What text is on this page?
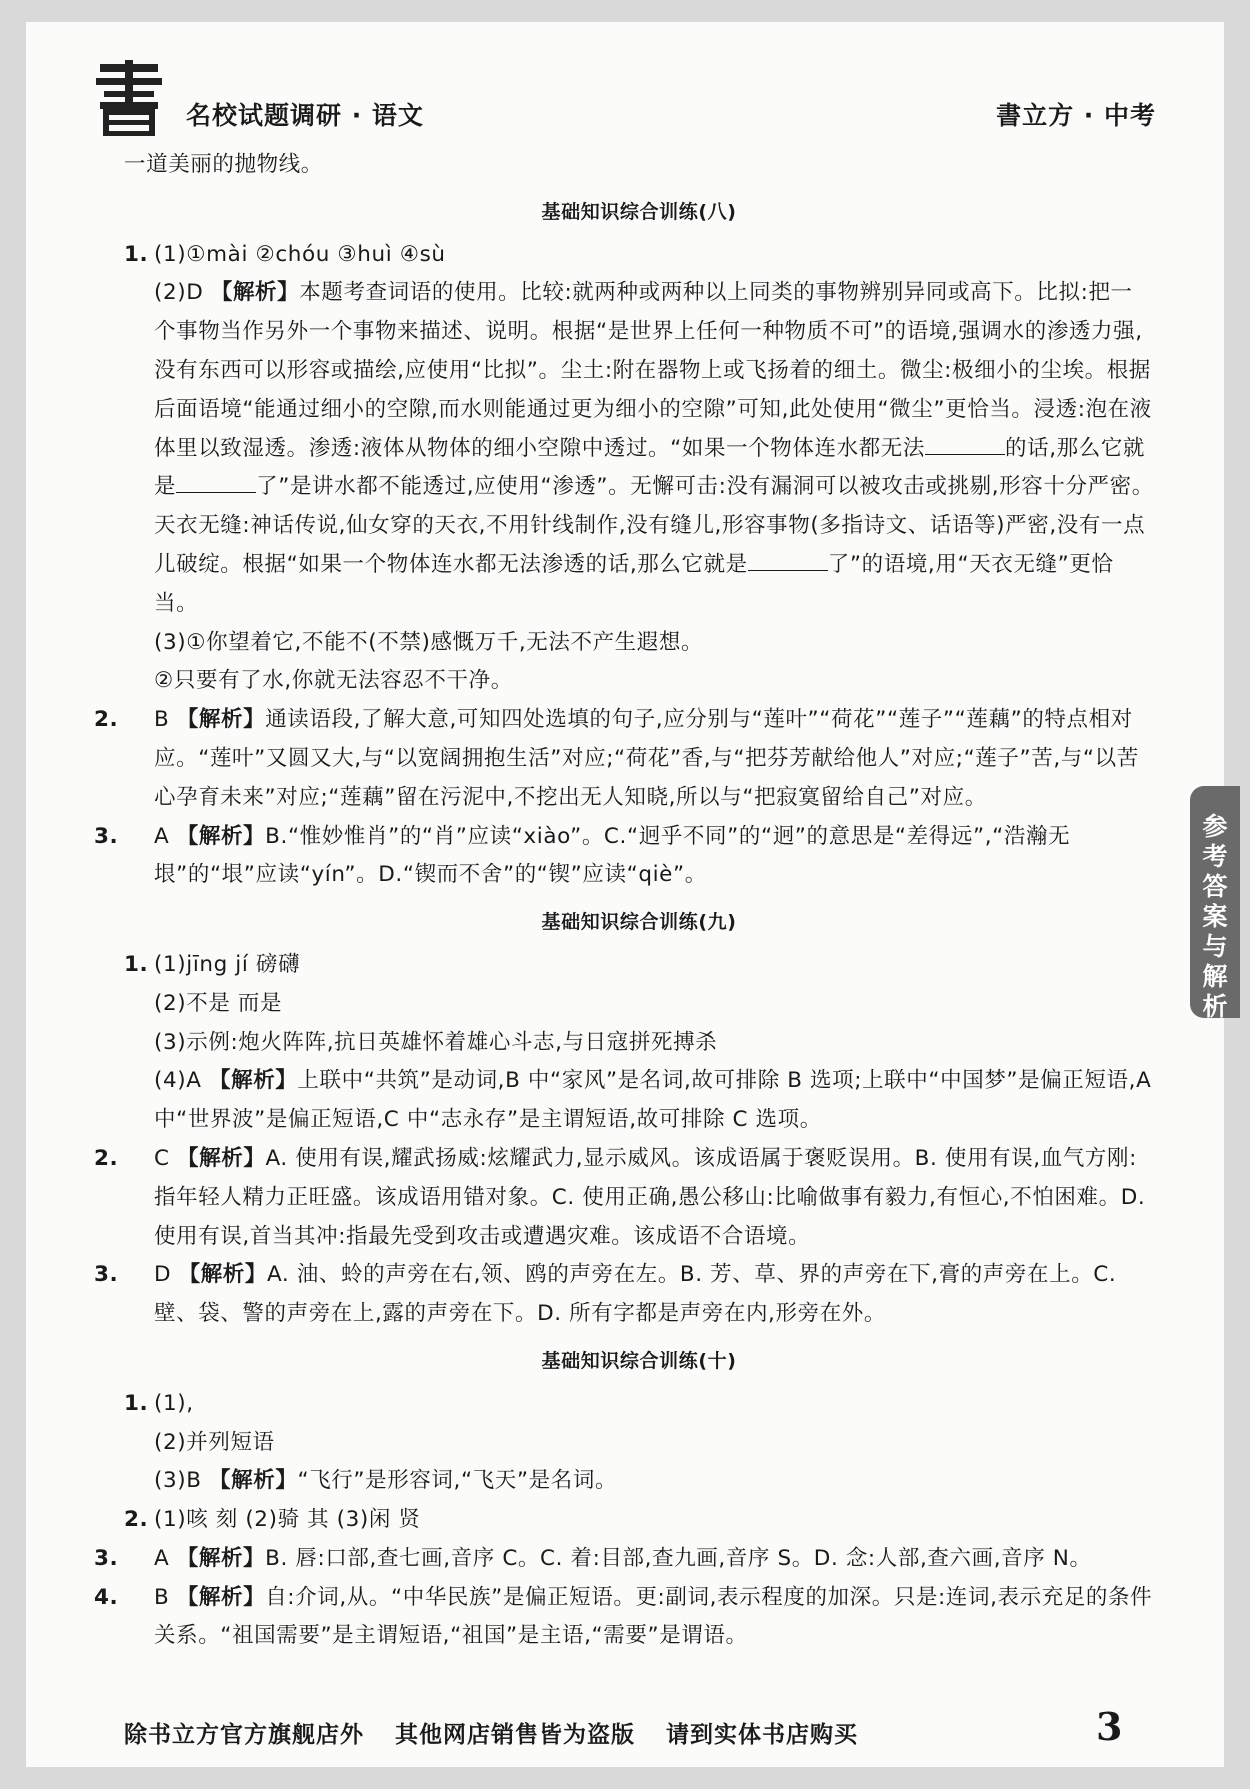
名校试题调研 · 语文	書立方 · 中考
参
考
答
案
与
解
析

一道美丽的抛物线。

基础知识综合训练(八)

1. (1)①mài ②chóu ③huì ④sù

(2)D 【解析】本题考查词语的使用。比较:就两种或两种以上同类的事物辨别异同或高下。比拟:把一个事物当作另外一个事物来描述、说明。根据“是世界上任何一种物质不可”的语境,强调水的渗透力强,没有东西可以形容或描绘,应使用“比拟”。尘土:附在器物上或飞扬着的细土。微尘:极细小的尘埃。根据后面语境“能通过细小的空隙,而水则能通过更为细小的空隙”可知,此处使用“微尘”更恰当。浸透:泡在液体里以致湿透。渗透:液体从物体的细小空隙中透过。“如果一个物体连水都无法	的话,那么它就是	了”是讲水都不能透过,应使用“渗透”。无懈可击:没有漏洞可以被攻击或挑剔,形容十分严密。天衣无缝:神话传说,仙女穿的天衣,不用针线制作,没有缝儿,形容事物(多指诗文、话语等)严密,没有一点儿破绽。根据“如果一个物体连水都无法渗透的话,那么它就是	了”的语境,用“天衣无缝”更恰当。

(3)①你望着它,不能不(不禁)感慨万千,无法不产生遐想。

②只要有了水,你就无法容忍不干净。

2. B 【解析】通读语段,了解大意,可知四处选填的句子,应分别与“莲叶”“荷花”“莲子”“莲藕”的特点相对应。“莲叶”又圆又大,与“以宽阔拥抱生活”对应;“荷花”香,与“把芬芳献给他人”对应;“莲子”苦,与“以苦心孕育未来”对应;“莲藕”留在污泥中,不挖出无人知晓,所以与“把寂寞留给自己”对应。

3. A 【解析】B.“惟妙惟肖”的“肖”应读“xiào”。C.“迥乎不同”的“迥”的意思是“差得远”,“浩瀚无垠”的“垠”应读“yín”。D.“锲而不舍”的“锲”应读“qiè”。

基础知识综合训练(九)

1. (1)jīng jí 磅礴

(2)不是 而是

(3)示例:炮火阵阵,抗日英雄怀着雄心斗志,与日寇拼死搏杀

(4)A 【解析】上联中“共筑”是动词,B 中“家风”是名词,故可排除 B 选项;上联中“中国梦”是偏正短语,A 中“世界波”是偏正短语,C 中“志永存”是主谓短语,故可排除 C 选项。

2. C 【解析】A. 使用有误,耀武扬威:炫耀武力,显示威风。该成语属于褒贬误用。B. 使用有误,血气方刚:指年轻人精力正旺盛。该成语用错对象。C. 使用正确,愚公移山:比喻做事有毅力,有恒心,不怕困难。D. 使用有误,首当其冲:指最先受到攻击或遭遇灾难。该成语不合语境。

3. D 【解析】A. 油、蛉的声旁在右,领、鸥的声旁在左。B. 芳、草、界的声旁在下,膏的声旁在上。C. 壁、袋、警的声旁在上,露的声旁在下。D. 所有字都是声旁在内,形旁在外。

基础知识综合训练(十)

1. (1),

(2)并列短语

(3)B 【解析】“飞行”是形容词,“飞天”是名词。

2. (1)咳 刻 (2)骑 其 (3)闲 贤

3. A 【解析】B. 唇:口部,查七画,音序 C。C. 着:目部,查九画,音序 S。D. 念:人部,查六画,音序 N。

4. B 【解析】自:介词,从。“中华民族”是偏正短语。更:副词,表示程度的加深。只是:连词,表示充足的条件关系。“祖国需要”是主谓短语,“祖国”是主语,“需要”是谓语。

除书立方官方旗舰店外 其他网店销售皆为盗版 请到实体书店购买	3
